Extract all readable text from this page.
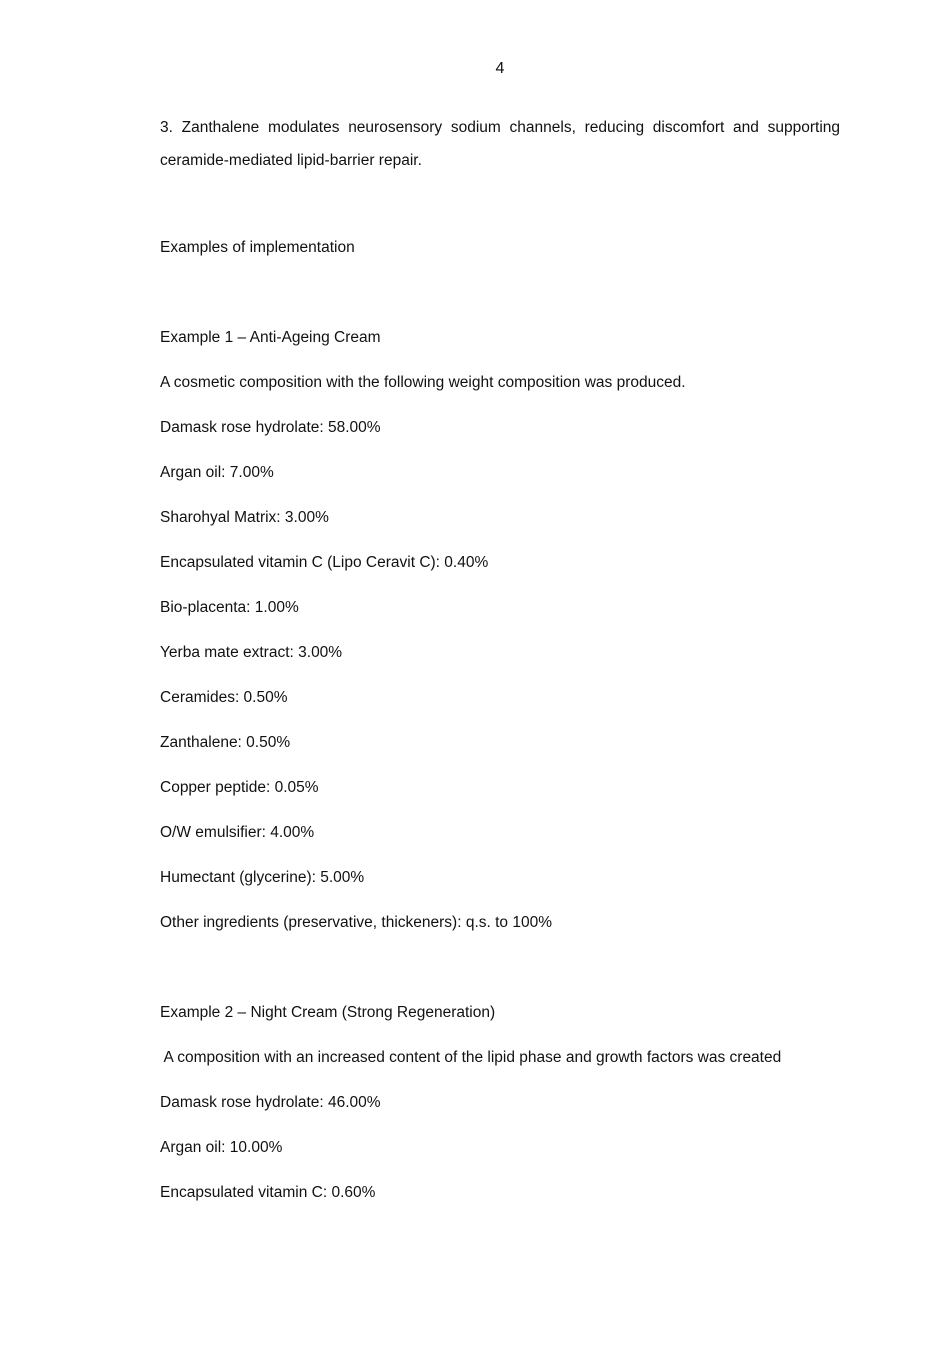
4

3. Zanthalene modulates neurosensory sodium channels, reducing discomfort and supporting ceramide-mediated lipid-barrier repair.

Examples of implementation

Example 1 – Anti-Ageing Cream

A cosmetic composition with the following weight composition was produced.

Damask rose hydrolate: 58.00%

Argan oil: 7.00%

Sharohyal Matrix: 3.00%

Encapsulated vitamin C (Lipo Ceravit C): 0.40%

Bio-placenta: 1.00%

Yerba mate extract: 3.00%

Ceramides: 0.50%

Zanthalene: 0.50%

Copper peptide: 0.05%

O/W emulsifier: 4.00%

Humectant (glycerine): 5.00%

Other ingredients (preservative, thickeners): q.s. to 100%

Example 2 – Night Cream (Strong Regeneration)

A composition with an increased content of the lipid phase and growth factors was created

Damask rose hydrolate: 46.00%

Argan oil: 10.00%

Encapsulated vitamin C: 0.60%
